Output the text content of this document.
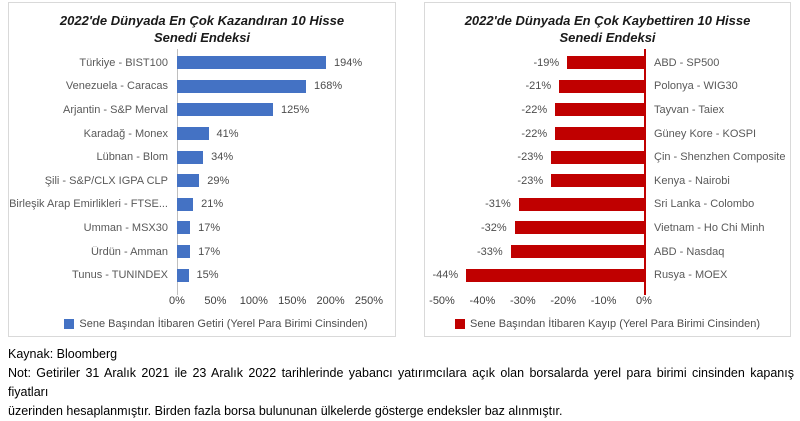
2022'de Dünyada En Çok Kazandıran 10 Hisse
Senedi Endeksi
Türkiye - BIST100	194%
Venezuela - Caracas	168%
Arjantin - S&P Merval	125%
Karadağ - Monex	41%
Lübnan - Blom	34%
Şili - S&P/CLX IGPA CLP	29%
Birleşik Arap Emirlikleri - FTSE...	21%
Umman - MSX30	17%
Ürdün - Amman	17%
Tunus - TUNINDEX	15%
0% 50% 100% 150% 200% 250%
Sene Başından İtibaren Getiri (Yerel Para Birimi Cinsinden)
2022'de Dünyada En Çok Kaybettiren 10 Hisse
Senedi Endeksi
-19%	ABD - SP500
-21%	Polonya - WIG30
-22%	Tayvan - Taiex
-22%	Güney Kore - KOSPI
-23%	Çin - Shenzhen Composite
-23%	Kenya - Nairobi
-31%	Sri Lanka - Colombo
-32%	Vietnam - Ho Chi Minh
-33%	ABD - Nasdaq
-44%	Rusya - MOEX
-50% -40% -30% -20% -10% 0%
Sene Başından İtibaren Kayıp (Yerel Para Birimi Cinsinden)
Kaynak: Bloomberg
Not: Getiriler 31 Aralık 2021 ile 23 Aralık 2022 tarihlerinde yabancı yatırımcılara açık olan borsalarda yerel para birimi cinsinden kapanış fiyatları
üzerinden hesaplanmıştır. Birden fazla borsa bulununan ülkelerde gösterge endeksler baz alınmıştır.
